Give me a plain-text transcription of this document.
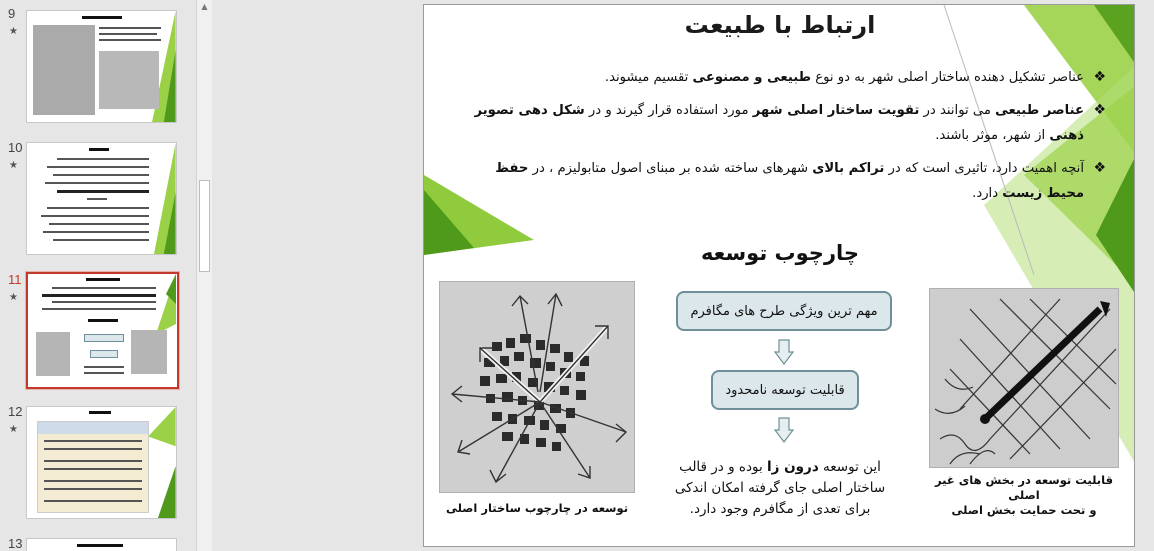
9
★
10
★
11
★
12
★
13
▲
ارتباط با طبیعت
❖
عناصر تشکیل دهنده ساختار اصلی شهر به دو نوع طبیعی و مصنوعی تقسیم میشوند.
❖
عناصر طبیعی می توانند در تقویت ساختار اصلی شهر مورد استفاده قرار گیرند و در شکل دهی تصویر ذهنی از شهر، موثر باشند.
❖
آنچه اهمیت دارد، تاثیری است که در تراکم بالای شهرهای ساخته شده بر مبنای اصول متابولیزم ، در حفظ محیط زیست دارد.
چارچوب توسعه
مهم ترین ویژگی طرح های مگافرم
قابلیت توسعه نامحدود
این توسعه درون زا بوده و در قالب ساختار اصلی جای گرفته امکان اندکی برای تعدی از مگافرم وجود دارد.
توسعه در چارچوب ساختار اصلی
قابلیت توسعه در بخش های غیر اصلی
و تحت حمایت بخش اصلی
